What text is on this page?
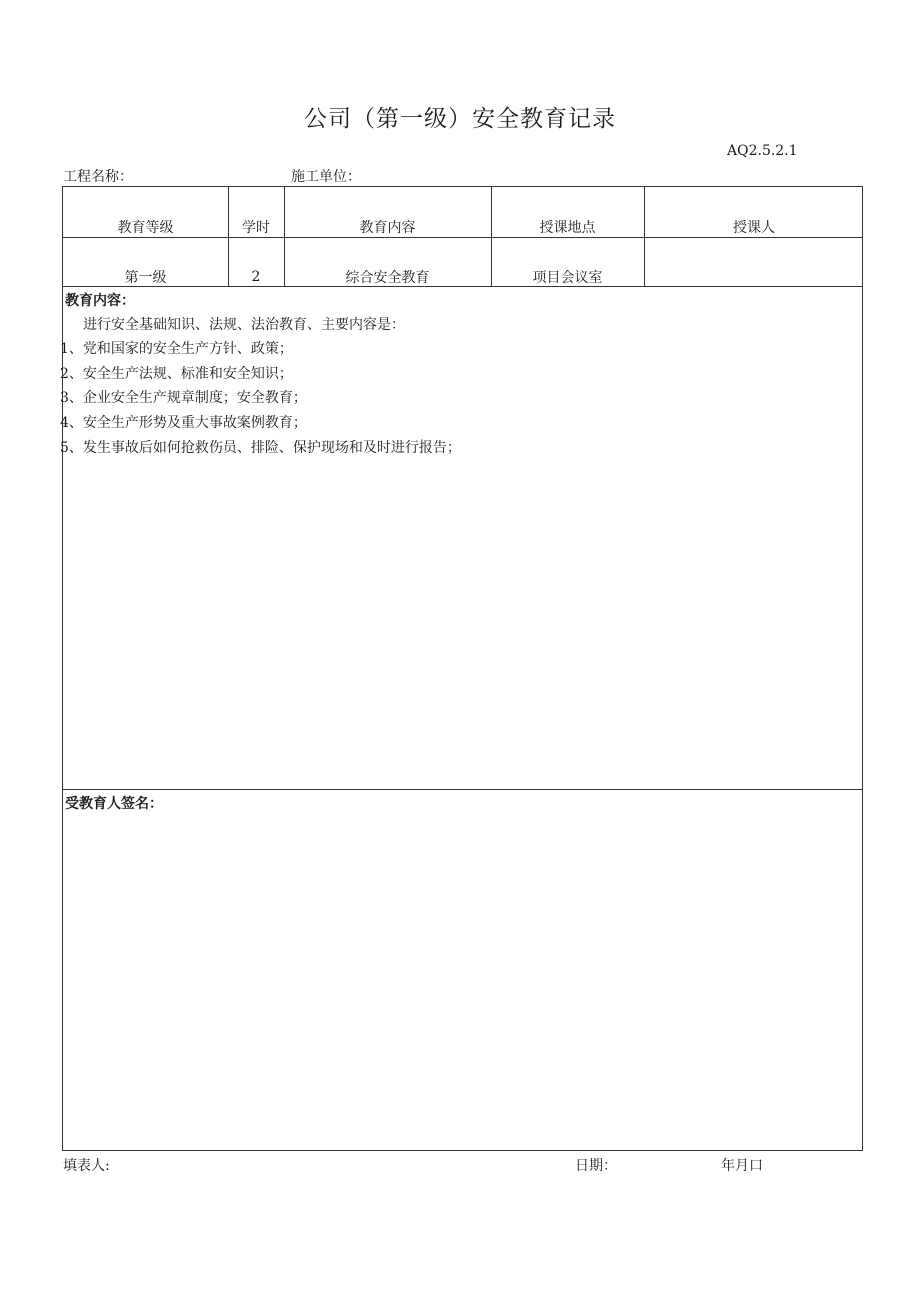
公司（第一级）安全教育记录
AQ2.5.2.1
工程名称：	施工单位：
教育等级	学时	教育内容	授课地点	授课人
第一级	2	综合安全教育	项目会议室
教育内容：
进行安全基础知识、法规、法治教育、主要内容是：
1、党和国家的安全生产方针、政策；
2、安全生产法规、标准和安全知识；
3、企业安全生产规章制度；安全教育；
4、安全生产形势及重大事故案例教育；
5、发生事故后如何抢救伤员、排险、保护现场和及时进行报告；
受教育人签名：
填表人:	日期：	年月口
